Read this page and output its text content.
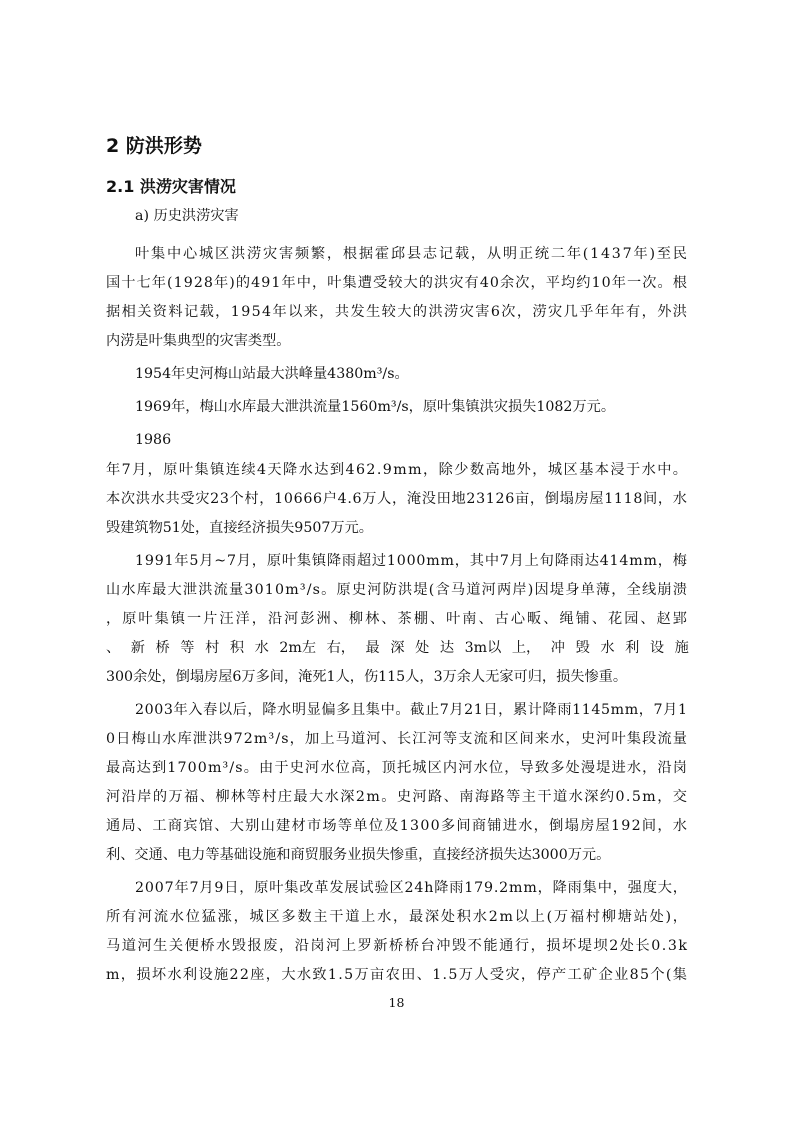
2 防洪形势
2.1 洪涝灾害情况
a) 历史洪涝灾害
叶集中心城区洪涝灾害频繁，根据霍邱县志记载，从明正统二年(1437年)至民
国十七年(1928年)的491年中，叶集遭受较大的洪灾有40余次，平均约10年一次。根
据相关资料记载，1954年以来，共发生较大的洪涝灾害6次，涝灾几乎年年有，外洪
内涝是叶集典型的灾害类型。
1954年史河梅山站最大洪峰量4380m³/s。
1969年，梅山水库最大泄洪流量1560m³/s，原叶集镇洪灾损失1082万元。
1986
年7月，原叶集镇连续4天降水达到462.9mm，除少数高地外，城区基本浸于水中。
本次洪水共受灾23个村，10666户4.6万人，淹没田地23126亩，倒塌房屋1118间，水
毁建筑物51处，直接经济损失9507万元。
1991年5月~7月，原叶集镇降雨超过1000mm，其中7月上旬降雨达414mm，梅
山水库最大泄洪流量3010m³/s。原史河防洪堤(含马道河两岸)因堤身单薄，全线崩溃
，原叶集镇一片汪洋，沿河彭洲、柳林、茶棚、叶南、古心畈、绳铺、花园、赵郢
、 新 桥 等 村 积 水 2m左 右， 最 深 处 达 3m以 上， 冲 毁 水 利 设 施
300余处，倒塌房屋6万多间，淹死1人，伤115人，3万余人无家可归，损失惨重。
2003年入春以后，降水明显偏多且集中。截止7月21日，累计降雨1145mm，7月1
0日梅山水库泄洪972m³/s，加上马道河、长江河等支流和区间来水，史河叶集段流量
最高达到1700m³/s。由于史河水位高，顶托城区内河水位，导致多处漫堤进水，沿岗
河沿岸的万福、柳林等村庄最大水深2m。史河路、南海路等主干道水深约0.5m，交
通局、工商宾馆、大别山建材市场等单位及1300多间商铺进水，倒塌房屋192间，水
利、交通、电力等基础设施和商贸服务业损失惨重，直接经济损失达3000万元。
2007年7月9日，原叶集改革发展试验区24h降雨179.2mm，降雨集中，强度大，
所有河流水位猛涨，城区多数主干道上水，最深处积水2m以上(万福村柳塘站处)，
马道河生关便桥水毁报废，沿岗河上罗新桥桥台冲毁不能通行，损坏堤坝2处长0.3k
m，损坏水利设施22座，大水致1.5万亩农田、1.5万人受灾，停产工矿企业85个(集
18
